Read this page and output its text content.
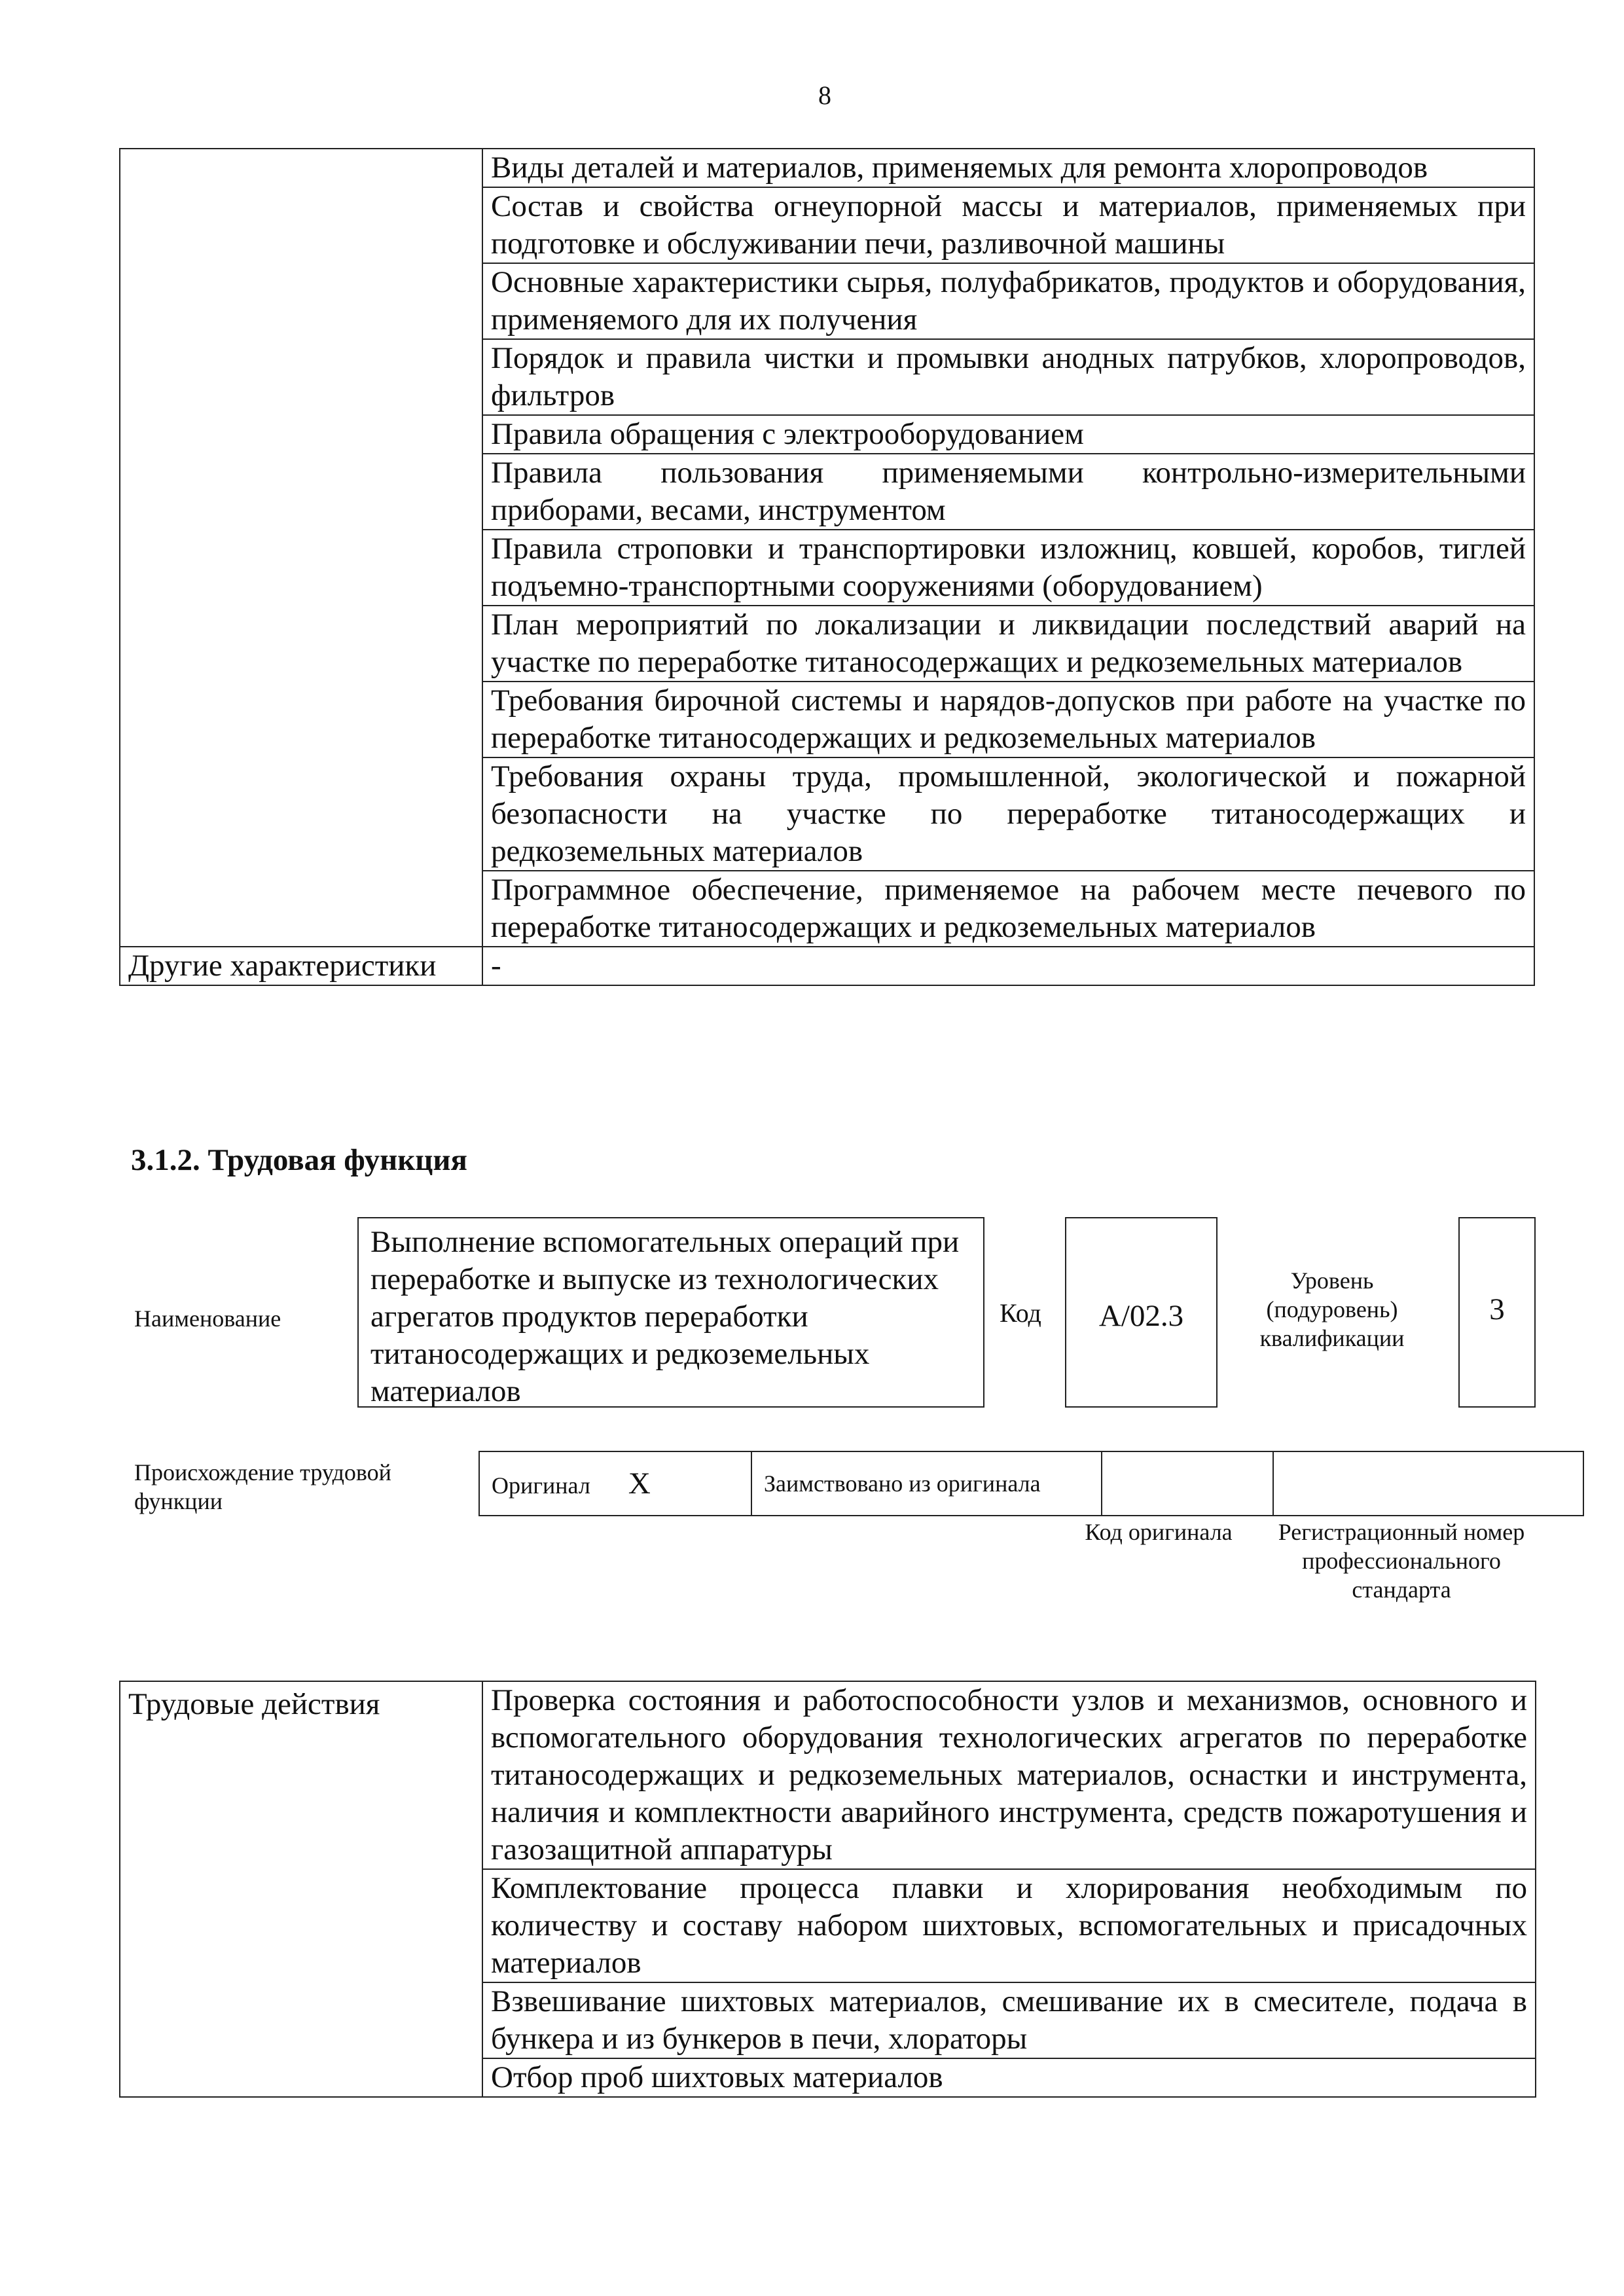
8

	Виды деталей и материалов, применяемых для ремонта хлоропроводов

	Состав и свойства огнеупорной массы и материалов, применяемых при подготовке и обслуживании печи, разливочной машины

	Основные характеристики сырья, полуфабрикатов, продуктов и оборудования, применяемого для их получения

	Порядок и правила чистки и промывки анодных патрубков, хлоропроводов, фильтров

	Правила обращения с электрооборудованием

	Правила пользования применяемыми контрольно-измерительными приборами, весами, инструментом

	Правила строповки и транспортировки изложниц, ковшей, коробов, тиглей подъемно-транспортными сооружениями (оборудованием)

	План мероприятий по локализации и ликвидации последствий аварий на участке по переработке титаносодержащих и редкоземельных материалов

	Требования бирочной системы и нарядов-допусков при работе на участке по переработке титаносодержащих и редкоземельных материалов

	Требования охраны труда, промышленной, экологической и пожарной безопасности на участке по переработке титаносодержащих и редкоземельных материалов

	Программное обеспечение, применяемое на рабочем месте печевого по переработке титаносодержащих и редкоземельных материалов

Другие характеристики	-
3.1.2. Трудовая функция
Наименование
Выполнение вспомогательных операций при переработке и выпуске из технологических агрегатов продуктов переработки титаносодержащих и редкоземельных материалов
Код	А/02.3
Уровень (подуровень) квалификации
3
Происхождение трудовой функции
Оригинал X	Заимствовано из оригинала		
Код оригинала	Регистрационный номер профессионального стандарта
Трудовые действия	Проверка состояния и работоспособности узлов и механизмов, основного и вспомогательного оборудования технологических агрегатов по переработке титаносодержащих и редкоземельных материалов, оснастки и инструмента, наличия и комплектности аварийного инструмента, средств пожаротушения и газозащитной аппаратуры

Комплектование процесса плавки и хлорирования необходимым по количеству и составу набором шихтовых, вспомогательных и присадочных материалов

Взвешивание шихтовых материалов, смешивание их в смесителе, подача в бункера и из бункеров в печи, хлораторы

Отбор проб шихтовых материалов
